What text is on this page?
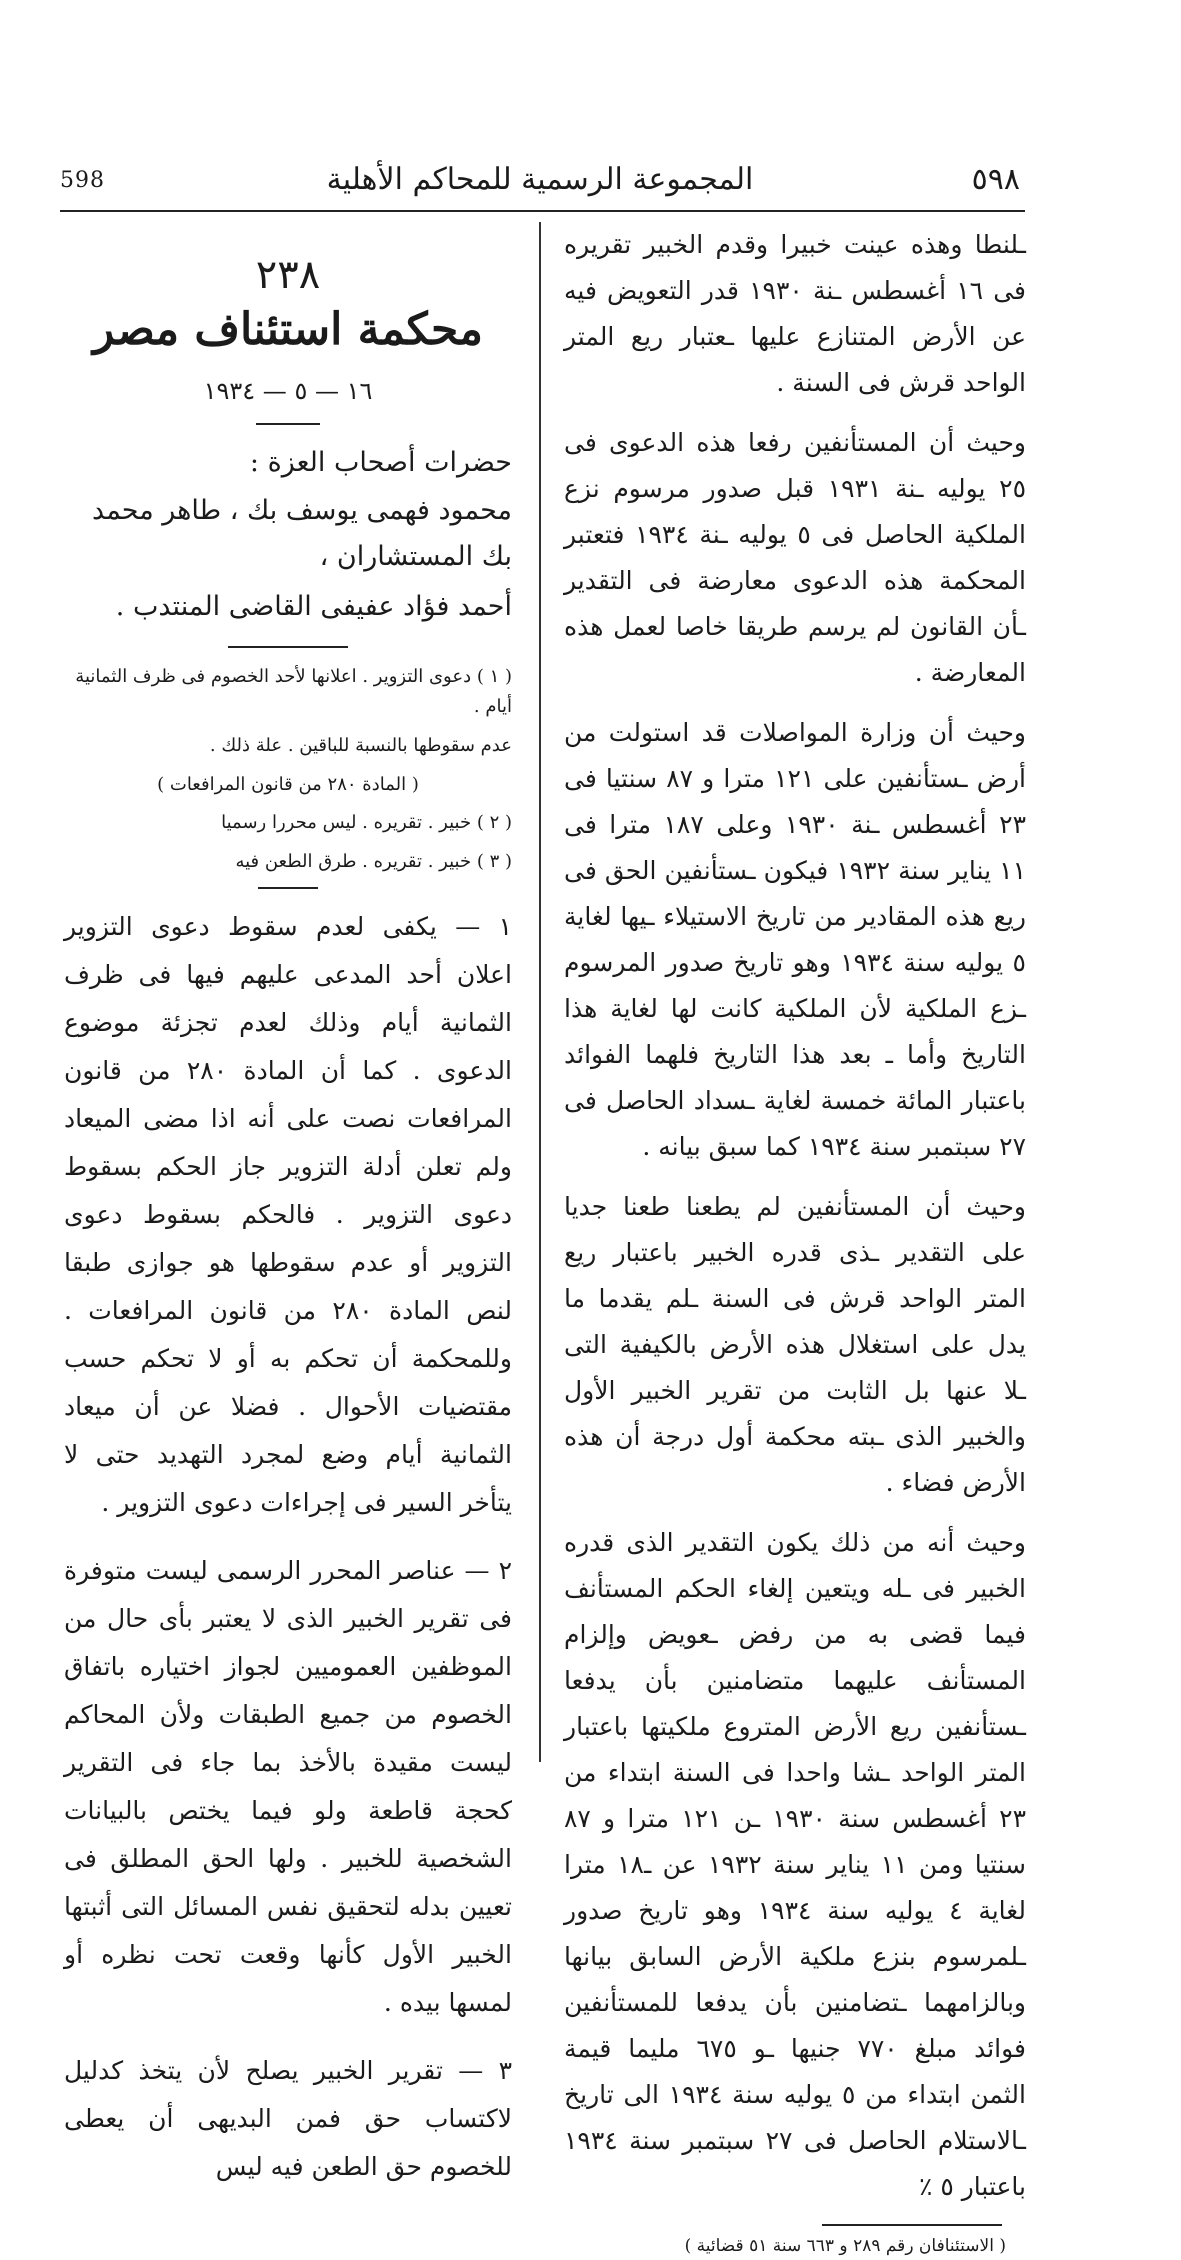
598	المجموعة الرسمية للمحاكم الأهلية	٥٩٨

ـلنطا وهذه عينت خبيرا وقدم الخبير تقريره فى ١٦ أغسطس ـنة ١٩٣٠ قدر التعويض فيه عن الأرض المتنازع عليها ـعتبار ريع المتر الواحد قرش فى السنة .

وحيث أن المستأنفين رفعا هذه الدعوى فى ٢٥ يوليه ـنة ١٩٣١ قبل صدور مرسوم نزع الملكية الحاصل فى ٥ يوليه ـنة ١٩٣٤ فتعتبر المحكمة هذه الدعوى معارضة فى التقدير ـأن القانون لم يرسم طريقا خاصا لعمل هذه المعارضة .

وحيث أن وزارة المواصلات قد استولت من أرض ـستأنفين على ١٢١ مترا و ٨٧ سنتيا فى ٢٣ أغسطس ـنة ١٩٣٠ وعلى ١٨٧ مترا فى ١١ يناير سنة ١٩٣٢ فيكون ـستأنفين الحق فى ريع هذه المقادير من تاريخ الاستيلاء ـيها لغاية ٥ يوليه سنة ١٩٣٤ وهو تاريخ صدور المرسوم ـزع الملكية لأن الملكية كانت لها لغاية هذا التاريخ وأما ـ بعد هذا التاريخ فلهما الفوائد باعتبار المائة خمسة لغاية ـسداد الحاصل فى ٢٧ سبتمبر سنة ١٩٣٤ كما سبق بيانه .

وحيث أن المستأنفين لم يطعنا طعنا جديا على التقدير ـذى قدره الخبير باعتبار ريع المتر الواحد قرش فى السنة ـلم يقدما ما يدل على استغلال هذه الأرض بالكيفية التى ـلا عنها بل الثابت من تقرير الخبير الأول والخبير الذى ـبته محكمة أول درجة أن هذه الأرض فضاء .

وحيث أنه من ذلك يكون التقدير الذى قدره الخبير فى ـله ويتعين إلغاء الحكم المستأنف فيما قضى به من رفض ـعويض وإلزام المستأنف عليهما متضامنين بأن يدفعا ـستأنفين ريع الأرض المتروع ملكيتها باعتبار المتر الواحد ـشا واحدا فى السنة ابتداء من ٢٣ أغسطس سنة ١٩٣٠ ـن ١٢١ مترا و ٨٧ سنتيا ومن ١١ يناير سنة ١٩٣٢ عن ـ١٨ مترا لغاية ٤ يوليه سنة ١٩٣٤ وهو تاريخ صدور ـلمرسوم بنزع ملكية الأرض السابق بيانها وبالزامهما ـتضامنين بأن يدفعا للمستأنفين فوائد مبلغ ٧٧٠ جنيها ـو ٦٧٥ مليما قيمة الثمن ابتداء من ٥ يوليه سنة ١٩٣٤ الى تاريخ ـالاستلام الحاصل فى ٢٧ سبتمبر سنة ١٩٣٤ باعتبار ٥ ٪

( الاستئنافان رقم ٢٨٩ و ٦٦٣ سنة ٥١ قضائية )
٢٣٨
محكمة استئناف مصر
١٦ — ٥ — ١٩٣٤
حضرات أصحاب العزة :

محمود فهمى يوسف بك ، طاهر محمد بك المستشاران ،

أحمد فؤاد عفيفى القاضى المنتدب .

( ١ ) دعوى التزوير . اعلانها لأحد الخصوم فى ظرف الثمانية أيام .

عدم سقوطها بالنسبة للباقين . علة ذلك .

( المادة ٢٨٠ من قانون المرافعات )

( ٢ ) خبير . تقريره . ليس محررا رسميا

( ٣ ) خبير . تقريره . طرق الطعن فيه

١ — يكفى لعدم سقوط دعوى التزوير اعلان أحد المدعى عليهم فيها فى ظرف الثمانية أيام وذلك لعدم تجزئة موضوع الدعوى . كما أن المادة ٢٨٠ من قانون المرافعات نصت على أنه اذا مضى الميعاد ولم تعلن أدلة التزوير جاز الحكم بسقوط دعوى التزوير . فالحكم بسقوط دعوى التزوير أو عدم سقوطها هو جوازى طبقا لنص المادة ٢٨٠ من قانون المرافعات . وللمحكمة أن تحكم به أو لا تحكم حسب مقتضيات الأحوال . فضلا عن أن ميعاد الثمانية أيام وضع لمجرد التهديد حتى لا يتأخر السير فى إجراءات دعوى التزوير .

٢ — عناصر المحرر الرسمى ليست متوفرة فى تقرير الخبير الذى لا يعتبر بأى حال من الموظفين العموميين لجواز اختياره باتفاق الخصوم من جميع الطبقات ولأن المحاكم ليست مقيدة بالأخذ بما جاء فى التقرير كحجة قاطعة ولو فيما يختص بالبيانات الشخصية للخبير . ولها الحق المطلق فى تعيين بدله لتحقيق نفس المسائل التى أثبتها الخبير الأول كأنها وقعت تحت نظره أو لمسها بيده .

٣ — تقرير الخبير يصلح لأن يتخذ كدليل لاكتساب حق فمن البديهى أن يعطى للخصوم حق الطعن فيه ليس
